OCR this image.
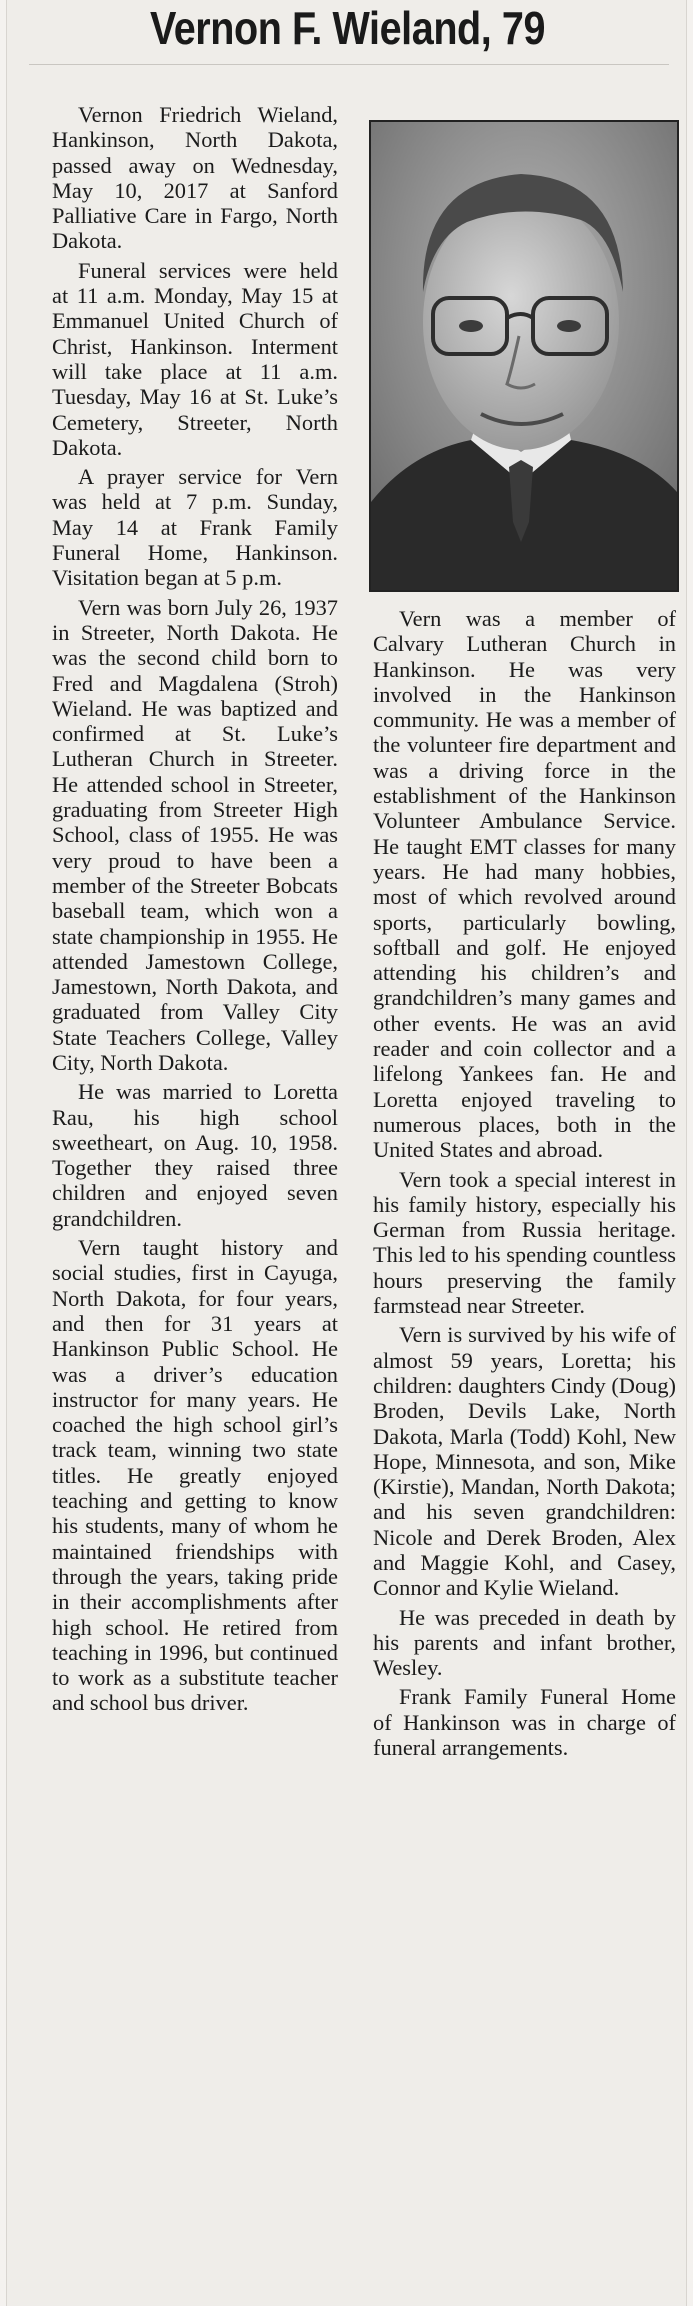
Vernon F. Wieland, 79

Vernon Friedrich Wieland, Hankinson, North Dakota, passed away on Wednesday, May 10, 2017 at Sanford Palliative Care in Fargo, North Dakota.

Funeral services were held at 11 a.m. Monday, May 15 at Emmanuel United Church of Christ, Hankinson. Interment will take place at 11 a.m. Tuesday, May 16 at St. Luke’s Cemetery, Streeter, North Dakota.

A prayer service for Vern was held at 7 p.m. Sunday, May 14 at Frank Family Funeral Home, Hankinson. Visitation began at 5 p.m.

Vern was born July 26, 1937 in Streeter, North Dakota. He was the second child born to Fred and Magdalena (Stroh) Wieland. He was baptized and confirmed at St. Luke’s Lutheran Church in Streeter. He attended school in Streeter, graduating from Streeter High School, class of 1955. He was very proud to have been a member of the Streeter Bobcats baseball team, which won a state championship in 1955. He attended Jamestown College, Jamestown, North Dakota, and graduated from Valley City State Teachers College, Valley City, North Dakota.

He was married to Loretta Rau, his high school sweetheart, on Aug. 10, 1958. Together they raised three children and enjoyed seven grandchildren.

Vern taught history and social studies, first in Cayuga, North Dakota, for four years, and then for 31 years at Hankinson Public School. He was a driver’s education instructor for many years. He coached the high school girl’s track team, winning two state titles. He greatly enjoyed teaching and getting to know his students, many of whom he maintained friendships with through the years, taking pride in their accomplishments after high school. He retired from teaching in 1996, but continued to work as a substitute teacher and school bus driver.

Vern was a member of Calvary Lutheran Church in Hankinson. He was very involved in the Hankinson community. He was a member of the volunteer fire department and was a driving force in the establishment of the Hankinson Volunteer Ambulance Service. He taught EMT classes for many years. He had many hobbies, most of which revolved around sports, particularly bowling, softball and golf. He enjoyed attending his children’s and grandchildren’s many games and other events. He was an avid reader and coin collector and a lifelong Yankees fan. He and Loretta enjoyed traveling to numerous places, both in the United States and abroad.

Vern took a special interest in his family history, especially his German from Russia heritage. This led to his spending countless hours preserving the family farmstead near Streeter.

Vern is survived by his wife of almost 59 years, Loretta; his children: daughters Cindy (Doug) Broden, Devils Lake, North Dakota, Marla (Todd) Kohl, New Hope, Minnesota, and son, Mike (Kirstie), Mandan, North Dakota; and his seven grandchildren: Nicole and Derek Broden, Alex and Maggie Kohl, and Casey, Connor and Kylie Wieland.

He was preceded in death by his parents and infant brother, Wesley.

Frank Family Funeral Home of Hankinson was in charge of funeral arrangements.
